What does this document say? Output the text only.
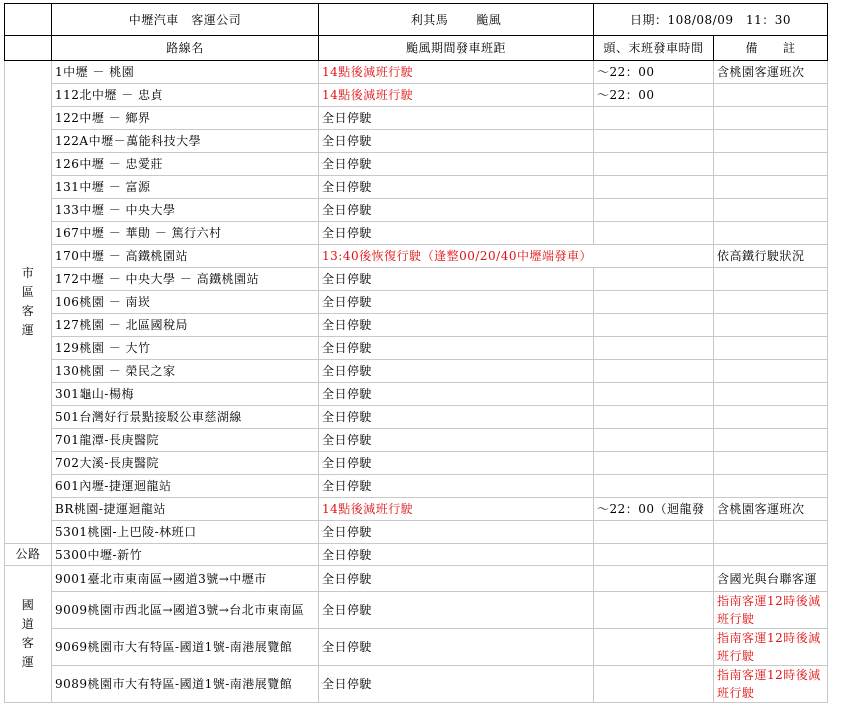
	中壢汽車　客運公司	利其馬 颱風	日期：108/08/09　11：30	
	路線名	颱風期間發車班距	頭、末班發車時間	備　　註
市區客運	1中壢 － 桃園	14點後減班行駛	～22：00	含桃園客運班次
	112北中壢 － 忠貞	14點後減班行駛	～22：00	
	122中壢 － 鄉界	全日停駛		
	122A中壢－萬能科技大學	全日停駛		
	126中壢 － 忠愛莊	全日停駛		
	131中壢 － 富源	全日停駛		
	133中壢 － 中央大學	全日停駛		
	167中壢 － 華勛 － 篤行六村	全日停駛		
	170中壢 － 高鐵桃園站	13:40後恢復行駛（逢整00/20/40中壢端發車）		依高鐵行駛狀況
	172中壢 － 中央大學 － 高鐵桃園站	全日停駛		
	106桃園 － 南崁	全日停駛		
	127桃園 － 北區國稅局	全日停駛		
	129桃園 － 大竹	全日停駛		
	130桃園 － 榮民之家	全日停駛		
	301龜山-楊梅	全日停駛		
	501台灣好行景點接駁公車慈湖線	全日停駛		
	701龍潭-長庚醫院	全日停駛		
	702大溪-長庚醫院	全日停駛		
	601內壢-捷運迴龍站	全日停駛		
	BR桃園-捷運迴龍站	14點後減班行駛	～22：00（迴龍發	含桃園客運班次
	5301桃園-上巴陵-林班口	全日停駛		
公路	5300中壢-新竹	全日停駛		
國道客運	9001臺北市東南區→國道3號→中壢市	全日停駛		含國光與台聯客運
	9009桃園市西北區→國道3號→台北市東南區	全日停駛		指南客運12時後減班行駛
	9069桃園市大有特區-國道1號-南港展覽館	全日停駛		指南客運12時後減班行駛
	9089桃園市大有特區-國道1號-南港展覽館	全日停駛		指南客運12時後減班行駛
